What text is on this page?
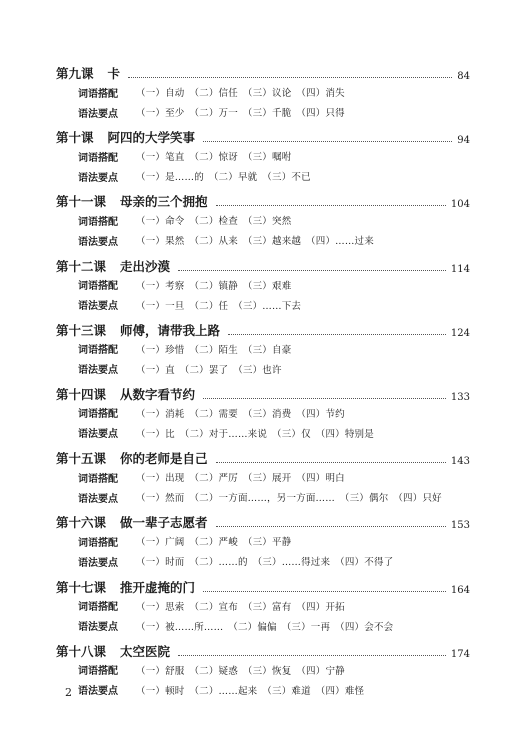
第九课 卡	84
词语搭配	（一）自动　（二）信任　（三）议论　（四）消失
语法要点	（一）至少　（二）万一　（三）千脆　（四）只得
第十课 阿四的大学笑事	94
词语搭配	（一）笔直　（二）惊讶　（三）嘱咐
语法要点	（一）是……的　（二）早就　（三）不已
第十一课 母亲的三个拥抱	104
词语搭配	（一）命令　（二）检查　（三）突然
语法要点	（一）果然　（二）从来　（三）越来越　（四）……过来
第十二课 走出沙漠	114
词语搭配	（一）考察　（二）镇静　（三）艰难
语法要点	（一）一旦　（二）任　（三）……下去
第十三课 师傅，请带我上路	124
词语搭配	（一）珍惜　（二）陌生　（三）自豪
语法要点	（一）直　（二）罢了　（三）也许
第十四课 从数字看节约	133
词语搭配	（一）消耗　（二）需要　（三）消费　（四）节约
语法要点	（一）比　（二）对于……来说　（三）仅　（四）特别是
第十五课 你的老师是自己	143
词语搭配	（一）出现　（二）严厉　（三）展开　（四）明白
语法要点	（一）然而　（二）一方面……，另一方面……　（三）偶尔　（四）只好
第十六课 做一辈子志愿者	153
词语搭配	（一）广阔　（二）严峻　（三）平静
语法要点	（一）时而　（二）……的　（三）……得过来　（四）不得了
第十七课 推开虚掩的门	164
词语搭配	（一）思索　（二）宣布　（三）富有　（四）开拓
语法要点	（一）被……所……　（二）偏偏　（三）一再　（四）会不会
第十八课 太空医院	174
词语搭配	（一）舒服　（二）疑惑　（三）恢复　（四）宁静
语法要点	（一）顿时　（二）……起来　（三）难道　（四）难怪
2
